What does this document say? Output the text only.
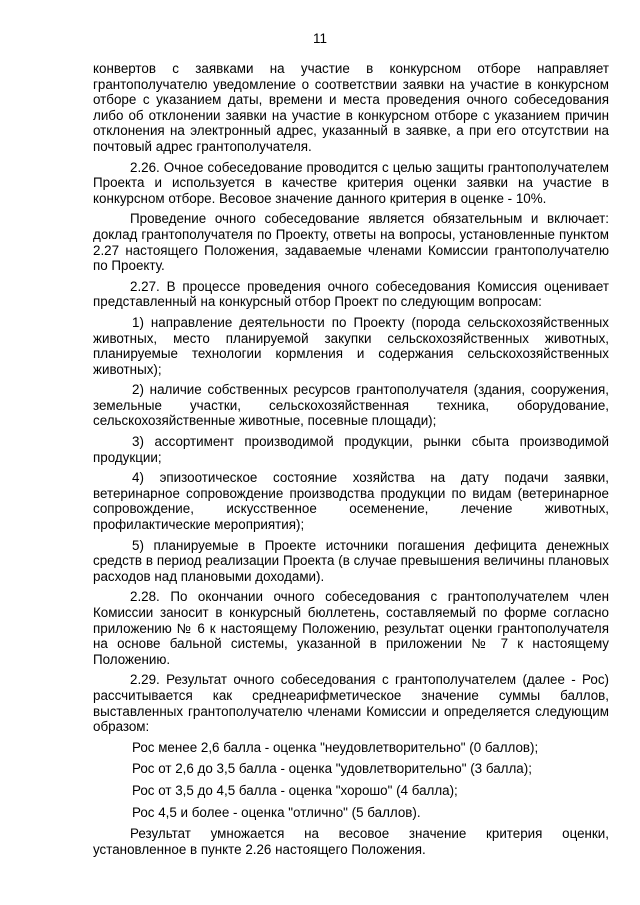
11

конвертов с заявками на участие в конкурсном отборе направляет грантополучателю уведомление о соответствии заявки на участие в конкурсном отборе с указанием даты, времени и места проведения очного собеседования либо об отклонении заявки на участие в конкурсном отборе с указанием причин отклонения на электронный адрес, указанный в заявке, а при его отсутствии на почтовый адрес грантополучателя.

2.26. Очное собеседование проводится с целью защиты грантополучателем Проекта и используется в качестве критерия оценки заявки на участие в конкурсном отборе. Весовое значение данного критерия в оценке - 10%.

Проведение очного собеседование является обязательным и включает: доклад грантополучателя по Проекту, ответы на вопросы, установленные пунктом 2.27 настоящего Положения, задаваемые членами Комиссии грантополучателю по Проекту.

2.27. В процессе проведения очного собеседования Комиссия оценивает представленный на конкурсный отбор Проект по следующим вопросам:

1) направление деятельности по Проекту (порода сельскохозяйственных животных, место планируемой закупки сельскохозяйственных животных, планируемые технологии кормления и содержания сельскохозяйственных животных);

2) наличие собственных ресурсов грантополучателя (здания, сооружения, земельные участки, сельскохозяйственная техника, оборудование, сельскохозяйственные животные, посевные площади);

3) ассортимент производимой продукции, рынки сбыта производимой продукции;

4) эпизоотическое состояние хозяйства на дату подачи заявки, ветеринарное сопровождение производства продукции по видам (ветеринарное сопровождение, искусственное осеменение, лечение животных, профилактические мероприятия);

5) планируемые в Проекте источники погашения дефицита денежных средств в период реализации Проекта (в случае превышения величины плановых расходов над плановыми доходами).

2.28. По окончании очного собеседования с грантополучателем член Комиссии заносит в конкурсный бюллетень, составляемый по форме согласно приложению № 6 к настоящему Положению, результат оценки грантополучателя на основе бальной системы, указанной в приложении № 7 к настоящему Положению.

2.29. Результат очного собеседования с грантополучателем (далее - Рос) рассчитывается как среднеарифметическое значение суммы баллов, выставленных грантополучателю членами Комиссии и определяется следующим образом:

Рос менее 2,6 балла - оценка "неудовлетворительно" (0 баллов);

Рос от 2,6 до 3,5 балла - оценка "удовлетворительно" (3 балла);

Рос от 3,5 до 4,5 балла - оценка "хорошо" (4 балла);

Рос 4,5 и более - оценка "отлично" (5 баллов).

Результат умножается на весовое значение критерия оценки, установленное в пункте 2.26 настоящего Положения.
